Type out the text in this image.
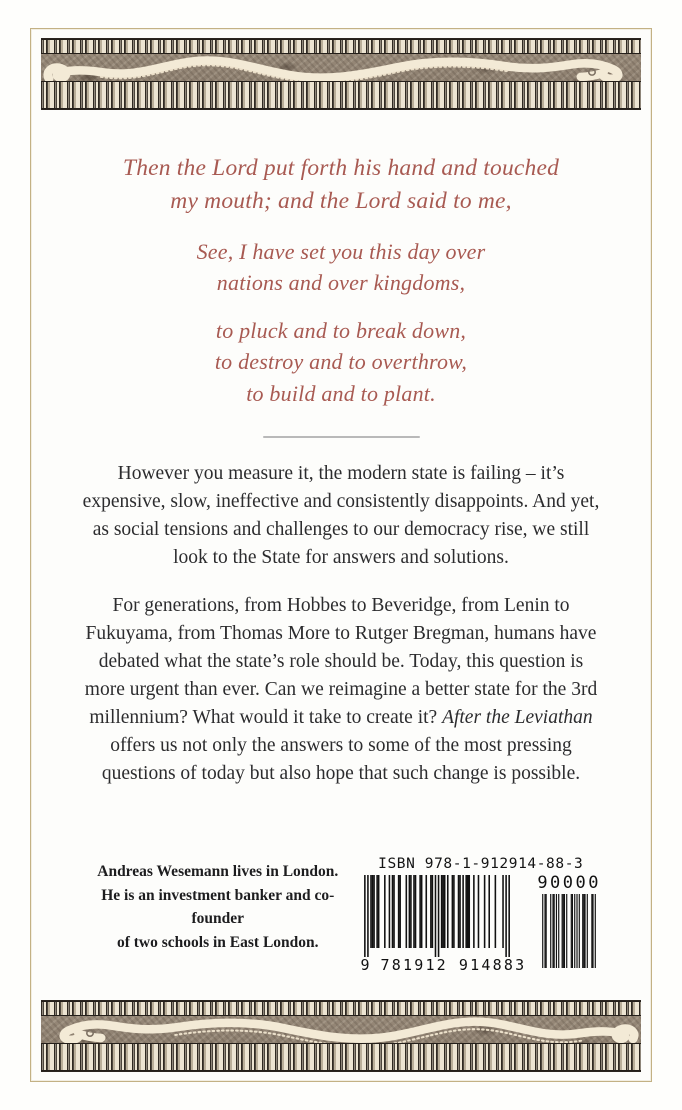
Then the Lord put forth his hand and touched
my mouth; and the Lord said to me,
See, I have set you this day over
nations and over kingdoms,
to pluck and to break down,
to destroy and to overthrow,
to build and to plant.

However you measure it, the modern state is failing – it’s expensive, slow, ineffective and consistently disappoints. And yet, as social tensions and challenges to our democracy rise, we still look to the State for answers and solutions.

For generations, from Hobbes to Beveridge, from Lenin to Fukuyama, from Thomas More to Rutger Bregman, humans have debated what the state’s role should be. Today, this question is more urgent than ever. Can we reimagine a better state for the 3rd millennium? What would it take to create it? After the Leviathan offers us not only the answers to some of the most pressing questions of today but also hope that such change is possible.

Andreas Wesemann lives in London.
He is an investment banker and co-founder
of two schools in East London.
ISBN 978-1-912914-88-3
9 781912 914883
90000
